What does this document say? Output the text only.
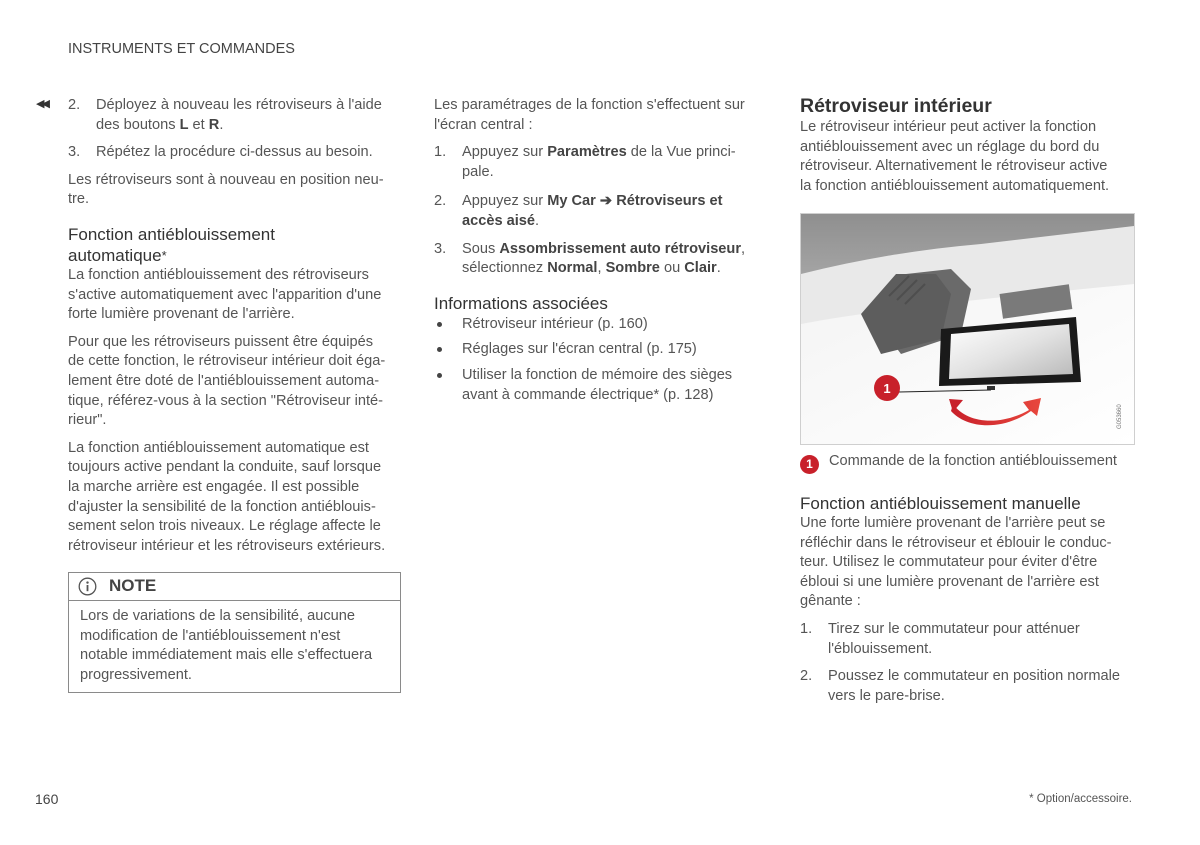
INSTRUMENTS ET COMMANDES
◀◀ 2. Déployez à nouveau les rétroviseurs à l'aide
des boutons L et R.
3. Répétez la procédure ci-dessus au besoin.
Les rétroviseurs sont à nouveau en position neu-
tre.
Fonction antiéblouissement
automatique*
La fonction antiéblouissement des rétroviseurs
s'active automatiquement avec l'apparition d'une
forte lumière provenant de l'arrière.
Pour que les rétroviseurs puissent être équipés
de cette fonction, le rétroviseur intérieur doit éga-
lement être doté de l'antiéblouissement automa-
tique, référez-vous à la section "Rétroviseur inté-
rieur".
La fonction antiéblouissement automatique est
toujours active pendant la conduite, sauf lorsque
la marche arrière est engagée. Il est possible
d'ajuster la sensibilité de la fonction antiéblouis-
sement selon trois niveaux. Le réglage affecte le
rétroviseur intérieur et les rétroviseurs extérieurs.
NOTE
Lors de variations de la sensibilité, aucune
modification de l'antiéblouissement n'est
notable immédiatement mais elle s'effectuera
progressivement.
Les paramétrages de la fonction s'effectuent sur
l'écran central :
1. Appuyez sur Paramètres de la Vue princi-
pale.
2. Appuyez sur My Car ➔ Rétroviseurs et
accès aisé.
3. Sous Assombrissement auto rétroviseur,
sélectionnez Normal, Sombre ou Clair.
Informations associées
Rétroviseur intérieur (p. 160)
Réglages sur l'écran central (p. 175)
Utiliser la fonction de mémoire des sièges
avant à commande électrique* (p. 128)
Rétroviseur intérieur
Le rétroviseur intérieur peut activer la fonction
antiéblouissement avec un réglage du bord du
rétroviseur. Alternativement le rétroviseur active
la fonction antiéblouissement automatiquement.
1
G053660
1	Commande de la fonction antiéblouissement
Fonction antiéblouissement manuelle
Une forte lumière provenant de l'arrière peut se
réfléchir dans le rétroviseur et éblouir le conduc-
teur. Utilisez le commutateur pour éviter d'être
ébloui si une lumière provenant de l'arrière est
gênante :
1. Tirez sur le commutateur pour atténuer
l'éblouissement.
2. Poussez le commutateur en position normale
vers le pare-brise.
160	* Option/accessoire.
